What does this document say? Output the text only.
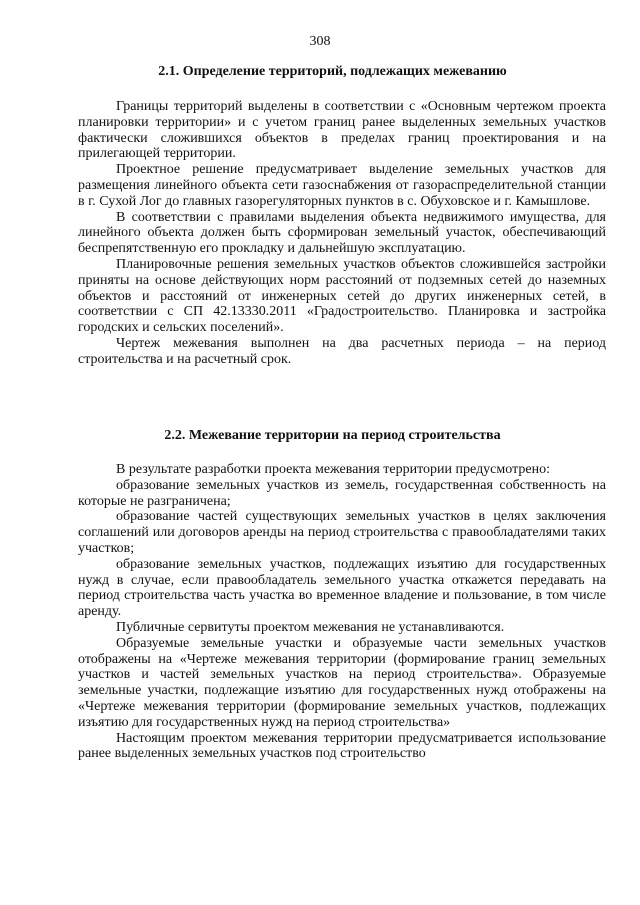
308
2.1. Определение территорий, подлежащих межеванию

Границы территорий выделены в соответствии с «Основным чертежом проекта планировки территории» и с учетом границ ранее выделенных земельных участков фактически сложившихся объектов в пределах границ проектирования и на прилегающей территории.

Проектное решение предусматривает выделение земельных участков для размещения линейного объекта сети газоснабжения от газораспределительной станции в г. Сухой Лог до главных газорегуляторных пунктов в с. Обуховское и г. Камышлове.

В соответствии с правилами выделения объекта недвижимого имущества, для линейного объекта должен быть сформирован земельный участок, обеспечивающий беспрепятственную его прокладку и дальнейшую эксплуатацию.

Планировочные решения земельных участков объектов сложившейся застройки приняты на основе действующих норм расстояний от подземных сетей до наземных объектов и расстояний от инженерных сетей до других инженерных сетей, в соответствии с СП 42.13330.2011 «Градостроительство. Планировка и застройка городских и сельских поселений».

Чертеж межевания выполнен на два расчетных периода – на период строительства и на расчетный срок.

2.2. Межевание территории на период строительства

В результате разработки проекта межевания территории предусмотрено:

образование земельных участков из земель, государственная собственность на которые не разграничена;

образование частей существующих земельных участков в целях заключения соглашений или договоров аренды на период строительства с правообладателями таких участков;

образование земельных участков, подлежащих изъятию для государственных нужд в случае, если правообладатель земельного участка откажется передавать на период строительства часть участка во временное владение и пользование, в том числе аренду.

Публичные сервитуты проектом межевания не устанавливаются.

Образуемые земельные участки и образуемые части земельных участков отображены на «Чертеже межевания территории (формирование границ земельных участков и частей земельных участков на период строительства». Образуемые земельные участки, подлежащие изъятию для государственных нужд отображены на «Чертеже межевания территории (формирование земельных участков, подлежащих изъятию для государственных нужд на период строительства»

Настоящим проектом межевания территории предусматривается использование ранее выделенных земельных участков под строительство
